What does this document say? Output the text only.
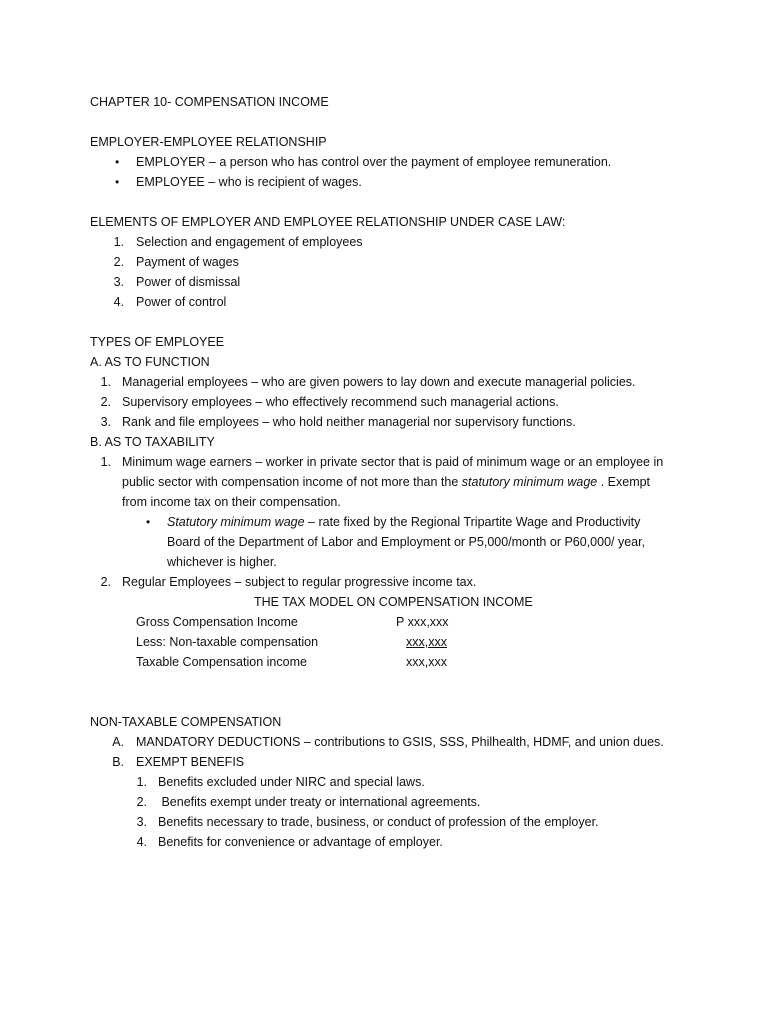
CHAPTER 10- COMPENSATION INCOME
EMPLOYER-EMPLOYEE RELATIONSHIP
• EMPLOYER – a person who has control over the payment of employee remuneration.
• EMPLOYEE – who is recipient of wages.
ELEMENTS OF EMPLOYER AND EMPLOYEE RELATIONSHIP UNDER CASE LAW:
1. Selection and engagement of employees
2. Payment of wages
3. Power of dismissal
4. Power of control
TYPES OF EMPLOYEE
A. AS TO FUNCTION
1. Managerial employees – who are given powers to lay down and execute managerial policies.
2. Supervisory employees – who effectively recommend such managerial actions.
3. Rank and file employees – who hold neither managerial nor supervisory functions.
B. AS TO TAXABILITY
1. Minimum wage earners – worker in private sector that is paid of minimum wage or an employee in
public sector with compensation income of not more than the statutory minimum wage . Exempt
from income tax on their compensation.
• Statutory minimum wage – rate fixed by the Regional Tripartite Wage and Productivity
Board of the Department of Labor and Employment or P5,000/month or P60,000/ year,
whichever is higher.
2. Regular Employees – subject to regular progressive income tax.
THE TAX MODEL ON COMPENSATION INCOME
Gross Compensation Income	P xxx,xxx
Less: Non-taxable compensation	xxx,xxx
Taxable Compensation income	xxx,xxx
NON-TAXABLE COMPENSATION
A. MANDATORY DEDUCTIONS – contributions to GSIS, SSS, Philhealth, HDMF, and union dues.
B. EXEMPT BENEFIS
1. Benefits excluded under NIRC and special laws.
2. Benefits exempt under treaty or international agreements.
3. Benefits necessary to trade, business, or conduct of profession of the employer.
4. Benefits for convenience or advantage of employer.
